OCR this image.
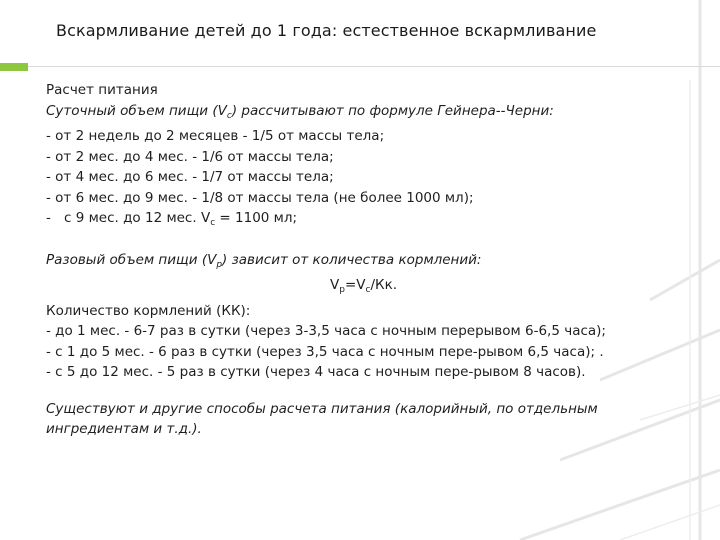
Вскармливание детей до 1 года: естественное вскармливание
Расчет питания
Суточный объем пищи $(V_c)$ рассчитывают по формуле Гейнера--Черни:
- от 2 недель до 2 месяцев - 1/5 от массы тела;
- от 2 мес. до 4 мес. - 1/6 от массы тела;
- от 4 мес. до 6 мес. - 1/7 от массы тела;
- от 6 мес. до 9 мес. - 1/8 от массы тела (не более 1000 мл);
- с 9 мес. до 12 мес. $V_c = 1100$ мл;
Разовый объем пищи $(V_p)$ зависит от количества кормлений:
$V_p=V_c/Кк$.
Количество кормлений (КК):
- до 1 мес. - 6-7 раз в сутки (через 3-3,5 часа с ночным перерывом 6-6,5 часа);
- с 1 до 5 мес. - 6 раз в сутки (через 3,5 часа с ночным пере-рывом 6,5 часа); .
- с 5 до 12 мес. - 5 раз в сутки (через 4 часа с ночным пере-рывом 8 часов).
Существуют и другие способы расчета питания (калорийный, по отдельным
ингредиентам и т.д.).
